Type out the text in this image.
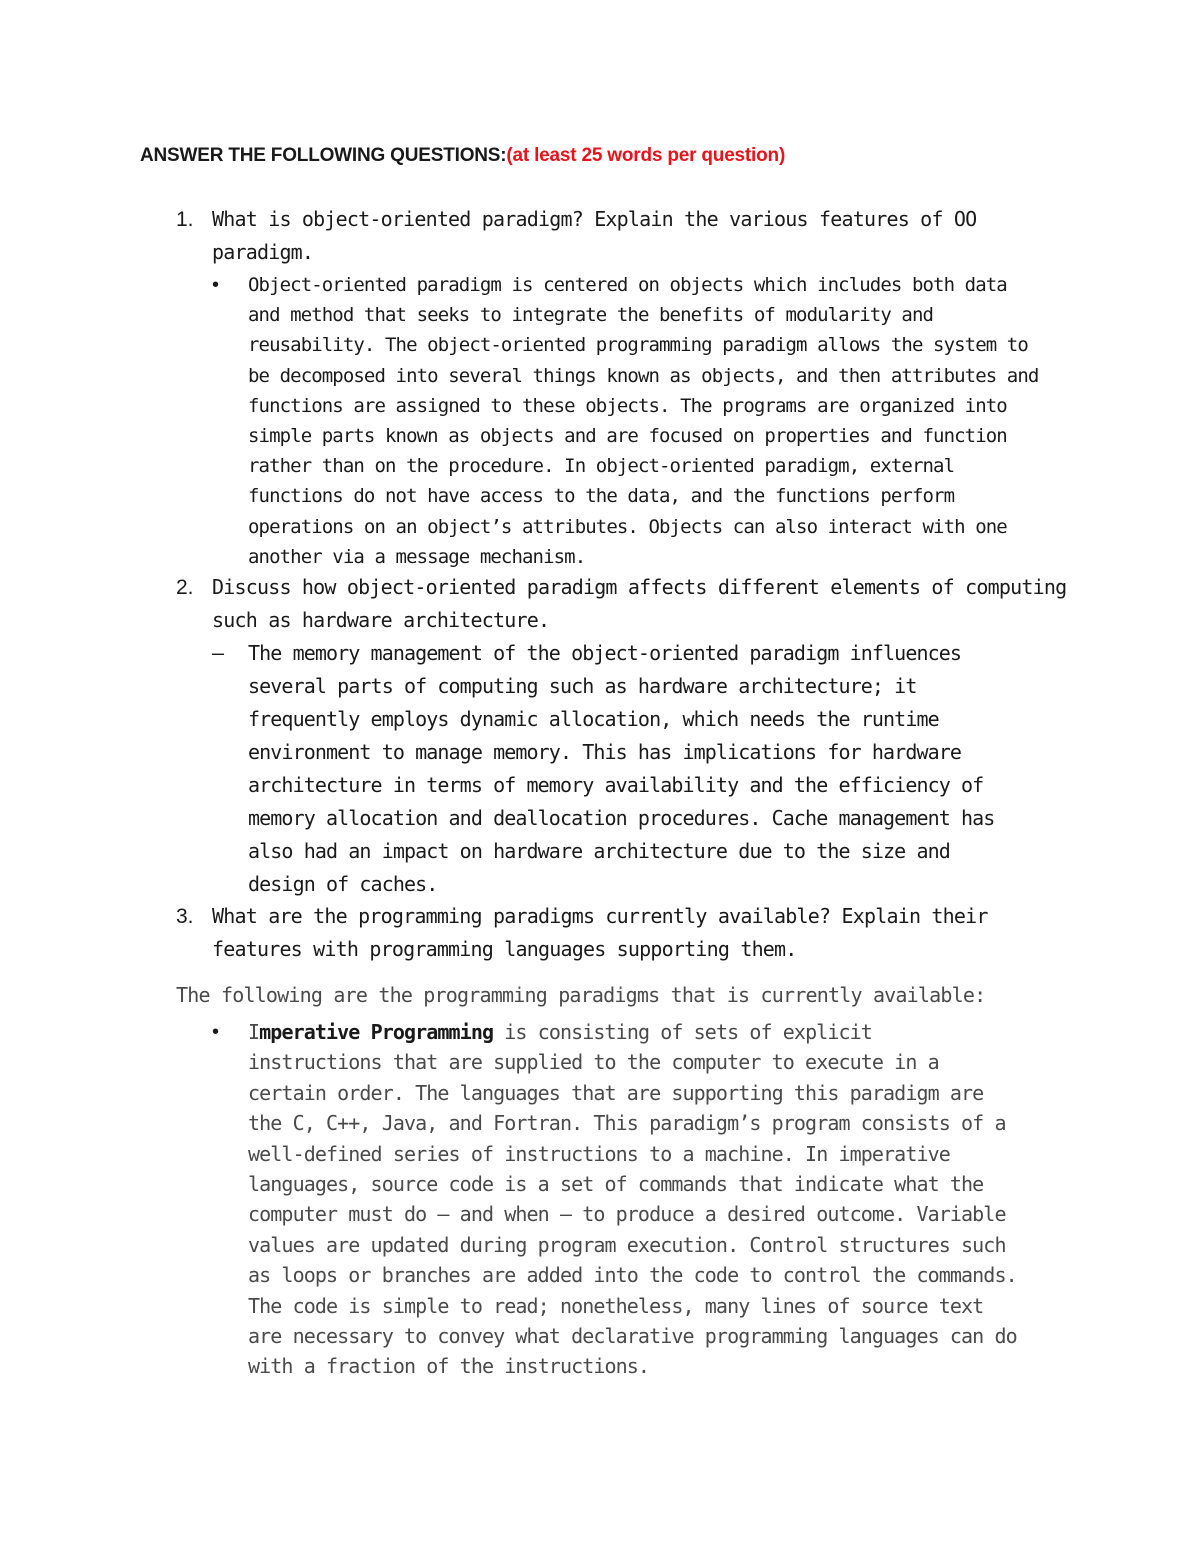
ANSWER THE FOLLOWING QUESTIONS:(at least 25 words per question)
1. What is object-oriented paradigm? Explain the various features of OO paradigm.
• Object-oriented paradigm is centered on objects which includes both data
and method that seeks to integrate the benefits of modularity and
reusability. The object-oriented programming paradigm allows the system to
be decomposed into several things known as objects, and then attributes and
functions are assigned to these objects. The programs are organized into
simple parts known as objects and are focused on properties and function
rather than on the procedure. In object-oriented paradigm, external
functions do not have access to the data, and the functions perform
operations on an object’s attributes. Objects can also interact with one
another via a message mechanism.
2. Discuss how object-oriented paradigm affects different elements of computing such as hardware architecture.
– The memory management of the object-oriented paradigm influences
several parts of computing such as hardware architecture; it
frequently employs dynamic allocation, which needs the runtime
environment to manage memory. This has implications for hardware
architecture in terms of memory availability and the efficiency of
memory allocation and deallocation procedures. Cache management has
also had an impact on hardware architecture due to the size and
design of caches.
3. What are the programming paradigms currently available? Explain their features with programming languages supporting them.
The following are the programming paradigms that is currently available:
• Imperative Programming is consisting of sets of explicit
instructions that are supplied to the computer to execute in a
certain order. The languages that are supporting this paradigm are
the C, C++, Java, and Fortran. This paradigm’s program consists of a
well-defined series of instructions to a machine. In imperative
languages, source code is a set of commands that indicate what the
computer must do – and when – to produce a desired outcome. Variable
values are updated during program execution. Control structures such
as loops or branches are added into the code to control the commands.
The code is simple to read; nonetheless, many lines of source text
are necessary to convey what declarative programming languages can do
with a fraction of the instructions.
